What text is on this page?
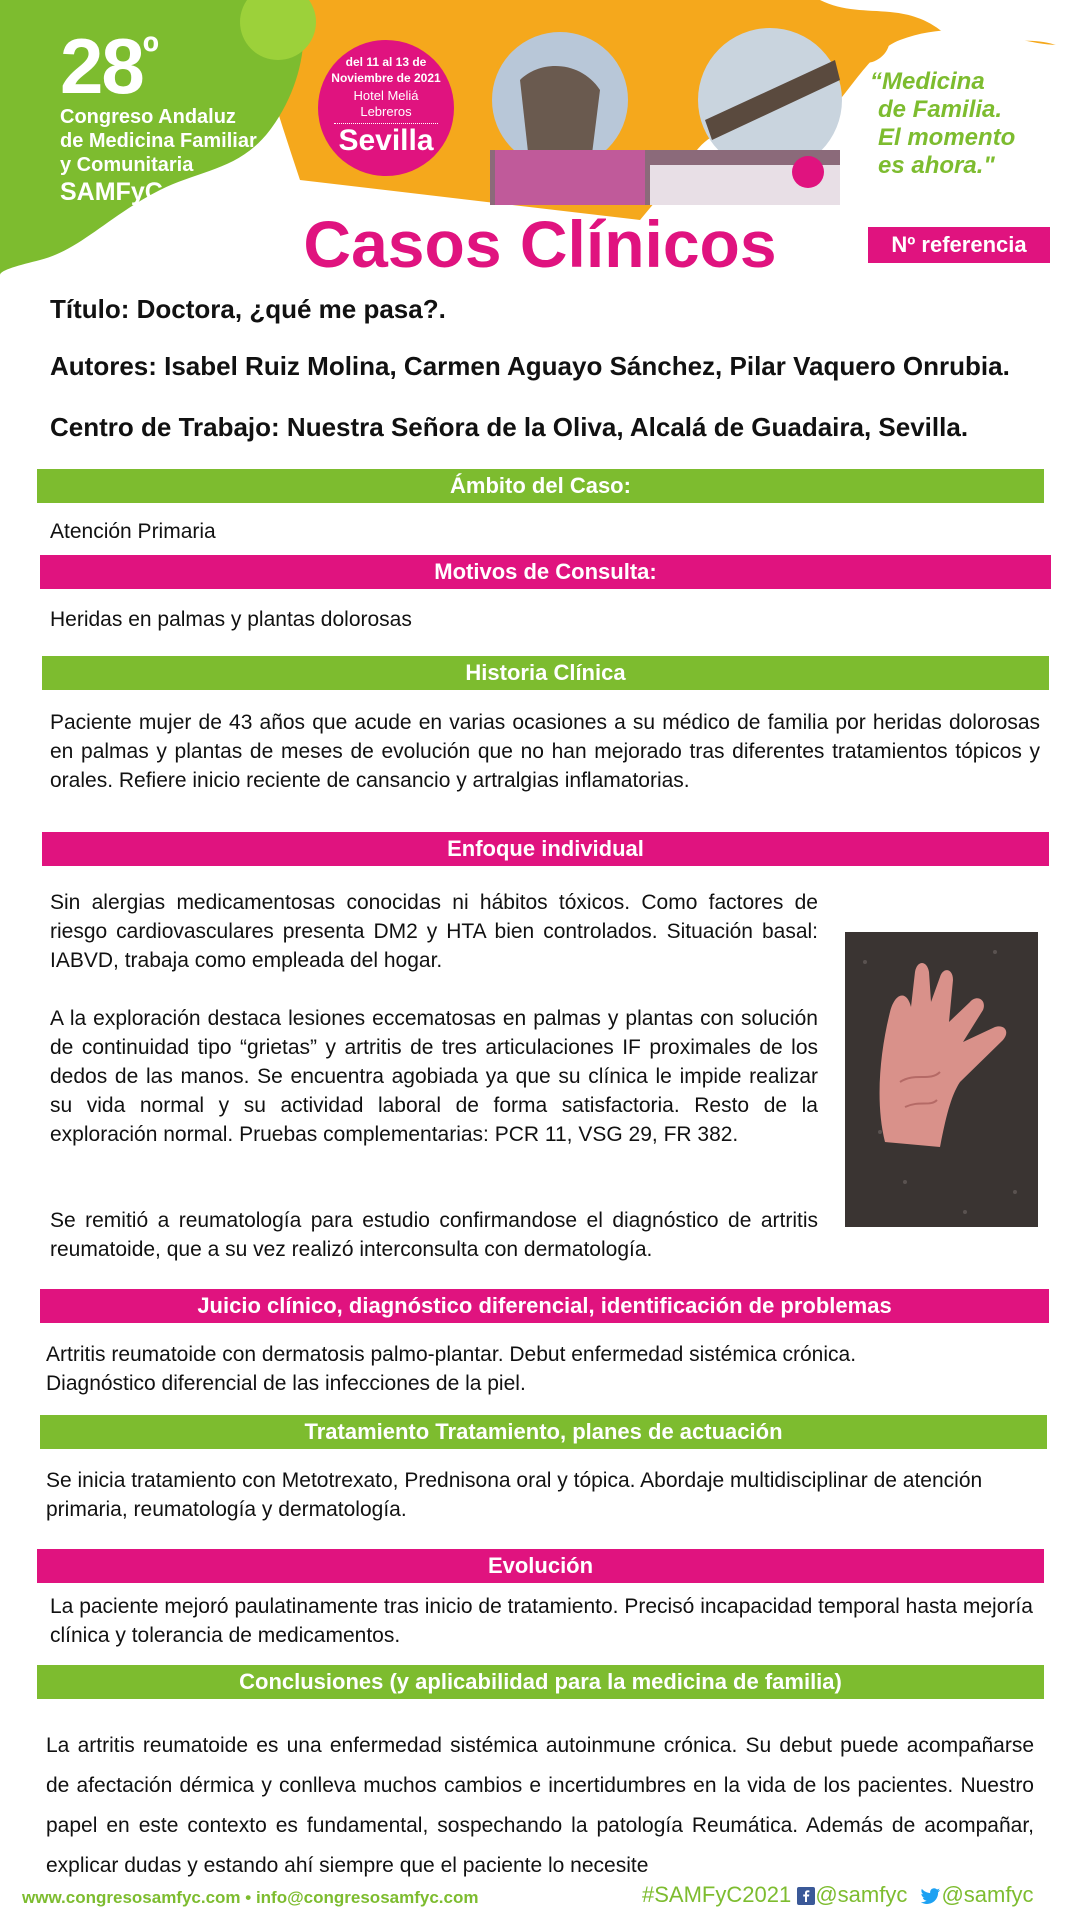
$28^º$
Congreso Andaluz
de Medicina Familiar
y Comunitaria
SAMFyC
del 11 al 13 de
Noviembre de 2021
Hotel Meliá Lebreros
Sevilla
“Medicina
de Familia.
El momento
es ahora."
Casos Clínicos	Nº referencia
Título: Doctora, ¿qué me pasa?.
Autores: Isabel Ruiz Molina, Carmen Aguayo Sánchez, Pilar Vaquero Onrubia.
Centro de Trabajo: Nuestra Señora de la Oliva, Alcalá de Guadaira, Sevilla.
Ámbito del Caso:
Atención Primaria
Motivos de Consulta:
Heridas en palmas y plantas dolorosas
Historia Clínica
Paciente mujer de 43 años que acude en varias ocasiones a su médico de familia por heridas dolorosas en palmas y plantas de meses de evolución que no han mejorado tras diferentes tratamientos tópicos y orales. Refiere inicio reciente de cansancio y artralgias inflamatorias.
Enfoque individual
Sin alergias medicamentosas conocidas ni hábitos tóxicos. Como factores de riesgo cardiovasculares presenta DM2 y HTA bien controlados. Situación basal: IABVD, trabaja como empleada del hogar.
A la exploración destaca lesiones eccematosas en palmas y plantas con solución de continuidad tipo “grietas” y artritis de tres articulaciones IF proximales de los dedos de las manos. Se encuentra agobiada ya que su clínica le impide realizar su vida normal y su actividad laboral de forma satisfactoria. Resto de la exploración normal. Pruebas complementarias: PCR 11, VSG 29, FR 382.
Se remitió a reumatología para estudio confirmandose el diagnóstico de artritis reumatoide, que a su vez realizó interconsulta con dermatología.
Juicio clínico, diagnóstico diferencial, identificación de problemas
Artritis reumatoide con dermatosis palmo-plantar. Debut enfermedad sistémica crónica.
Diagnóstico diferencial de las infecciones de la piel.
Tratamiento Tratamiento, planes de actuación
Se inicia tratamiento con Metotrexato, Prednisona oral y tópica. Abordaje multidisciplinar de atención primaria, reumatología y dermatología.
Evolución
La paciente mejoró paulatinamente tras inicio de tratamiento. Precisó incapacidad temporal hasta mejoría clínica y tolerancia de medicamentos.
Conclusiones (y aplicabilidad para la medicina de familia)
La artritis reumatoide es una enfermedad sistémica autoinmune crónica. Su debut puede acompañarse de afectación dérmica y conlleva muchos cambios e incertidumbres en la vida de los pacientes. Nuestro papel en este contexto es fundamental, sospechando la patología Reumática. Además de acompañar, explicar dudas y estando ahí siempre que el paciente lo necesite
www.congresosamfyc.com • info@congresosamfyc.com	#SAMFyC2021 @samfyc @samfyc
